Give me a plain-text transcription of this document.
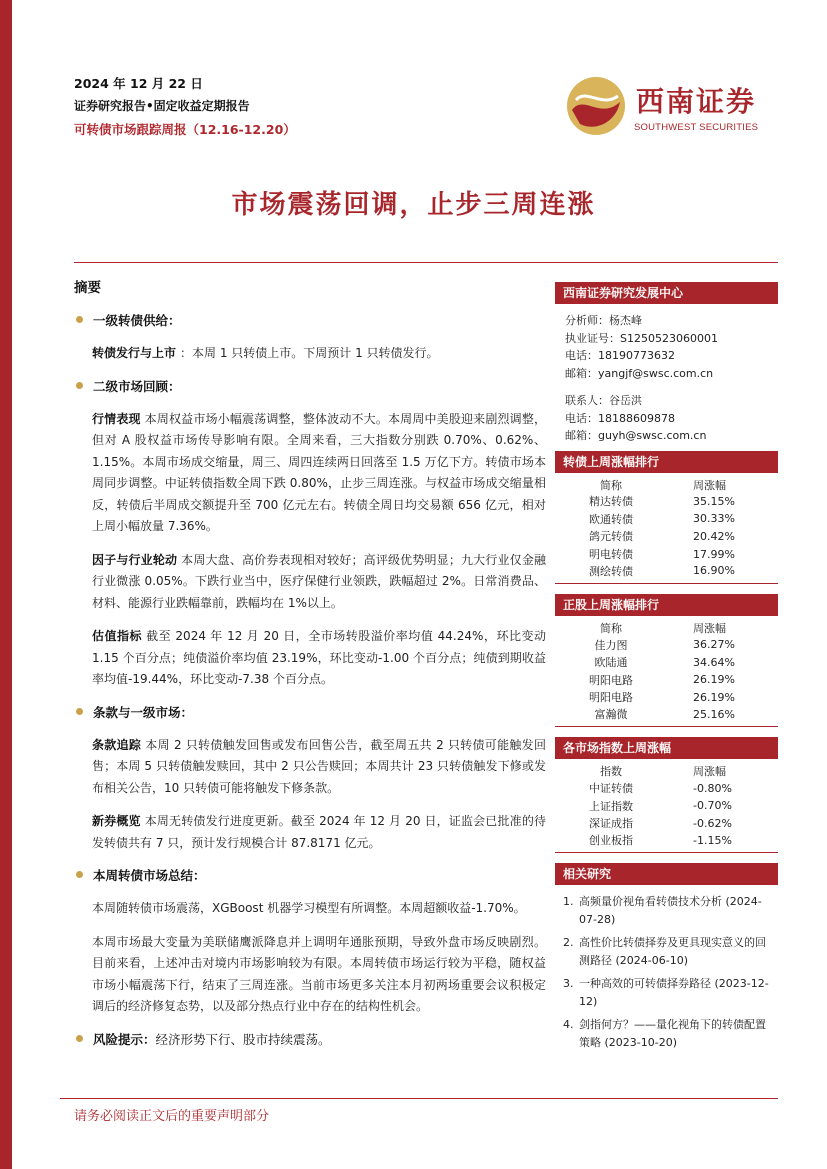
2024 年 12 月 22 日
证券研究报告•固定收益定期报告
可转债市场跟踪周报（12.16-12.20）
西南证券
SOUTHWEST SECURITIES
市场震荡回调，止步三周连涨
摘要
一级转债供给：
转债发行与上市 ：本周 1 只转债上市。下周预计 1 只转债发行。
二级市场回顾：
行情表现 本周权益市场小幅震荡调整，整体波动不大。本周周中美股迎来剧烈调整，但对 A 股权益市场传导影响有限。全周来看，三大指数分别跌 0.70%、0.62%、1.15%。本周市场成交缩量，周三、周四连续两日回落至 1.5 万亿下方。转债市场本周同步调整。中证转债指数全周下跌 0.80%，止步三周连涨。与权益市场成交缩量相反，转债后半周成交额提升至 700 亿元左右。转债全周日均交易额 656 亿元，相对上周小幅放量 7.36%。
因子与行业轮动 本周大盘、高价券表现相对较好；高评级优势明显；九大行业仅金融行业微涨 0.05%。下跌行业当中，医疗保健行业领跌，跌幅超过 2%。日常消费品、材料、能源行业跌幅靠前，跌幅均在 1%以上。
估值指标 截至 2024 年 12 月 20 日，全市场转股溢价率均值 44.24%，环比变动 1.15 个百分点；纯债溢价率均值 23.19%，环比变动-1.00 个百分点；纯债到期收益率均值-19.44%，环比变动-7.38 个百分点。
条款与一级市场：
条款追踪 本周 2 只转债触发回售或发布回售公告，截至周五共 2 只转债可能触发回售；本周 5 只转债触发赎回，其中 2 只公告赎回；本周共计 23 只转债触发下修或发布相关公告，10 只转债可能将触发下修条款。
新券概览 本周无转债发行进度更新。截至 2024 年 12 月 20 日，证监会已批准的待发转债共有 7 只，预计发行规模合计 87.8171 亿元。
本周转债市场总结：
本周随转债市场震荡，XGBoost 机器学习模型有所调整。本周超额收益-1.70%。
本周市场最大变量为美联储鹰派降息并上调明年通胀预期，导致外盘市场反映剧烈。目前来看，上述冲击对境内市场影响较为有限。本周转债市场运行较为平稳，随权益市场小幅震荡下行，结束了三周连涨。当前市场更多关注本月初两场重要会议积极定调后的经济修复态势，以及部分热点行业中存在的结构性机会。
风险提示：经济形势下行、股市持续震荡。
西南证券研究发展中心
分析师：杨杰峰
执业证号：S1250523060001
电话：18190773632
邮箱：yangjf@swsc.com.cn
联系人：谷岳洪
电话：18188609878
邮箱：guyh@swsc.com.cn
转债上周涨幅排行
简称	周涨幅
精达转债	35.15%
欧通转债	30.33%
鸽元转债	20.42%
明电转债	17.99%
测绘转债	16.90%
正股上周涨幅排行
简称	周涨幅
佳力图	36.27%
欧陆通	34.64%
明阳电路	26.19%
明阳电路	26.19%
富瀚微	25.16%
各市场指数上周涨幅
指数	周涨幅
中证转债	-0.80%
上证指数	-0.70%
深证成指	-0.62%
创业板指	-1.15%
相关研究
1. 高频量价视角看转债技术分析 (2024-07-28)
2. 高性价比转债择券及更具现实意义的回测路径 (2024-06-10)
3. 一种高效的可转债择券路径 (2023-12-12)
4. 剑指何方？——量化视角下的转债配置策略 (2023-10-20)
请务必阅读正文后的重要声明部分
